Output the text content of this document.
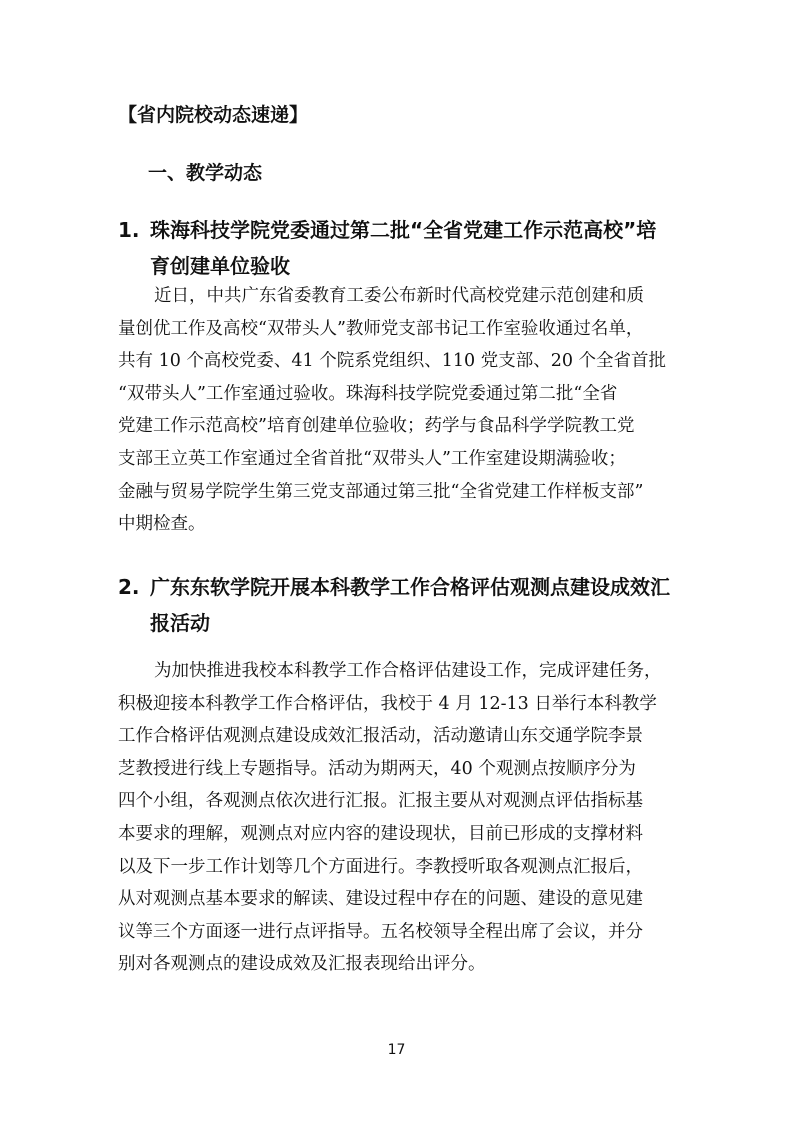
【省内院校动态速递】
一、教学动态
1. 珠海科技学院党委通过第二批“全省党建工作示范高校”培
育创建单位验收
近日，中共广东省委教育工委公布新时代高校党建示范创建和质
量创优工作及高校“双带头人”教师党支部书记工作室验收通过名单，
共有 10 个高校党委、41 个院系党组织、110 党支部、20 个全省首批
“双带头人”工作室通过验收。珠海科技学院党委通过第二批“全省
党建工作示范高校”培育创建单位验收；药学与食品科学学院教工党
支部王立英工作室通过全省首批“双带头人”工作室建设期满验收；
金融与贸易学院学生第三党支部通过第三批“全省党建工作样板支部”
中期检查。
2. 广东东软学院开展本科教学工作合格评估观测点建设成效汇
报活动
为加快推进我校本科教学工作合格评估建设工作，完成评建任务，
积极迎接本科教学工作合格评估，我校于 4 月 12-13 日举行本科教学
工作合格评估观测点建设成效汇报活动，活动邀请山东交通学院李景
芝教授进行线上专题指导。活动为期两天，40 个观测点按顺序分为
四个小组，各观测点依次进行汇报。汇报主要从对观测点评估指标基
本要求的理解，观测点对应内容的建设现状，目前已形成的支撑材料
以及下一步工作计划等几个方面进行。李教授听取各观测点汇报后，
从对观测点基本要求的解读、建设过程中存在的问题、建设的意见建
议等三个方面逐一进行点评指导。五名校领导全程出席了会议，并分
别对各观测点的建设成效及汇报表现给出评分。
17
